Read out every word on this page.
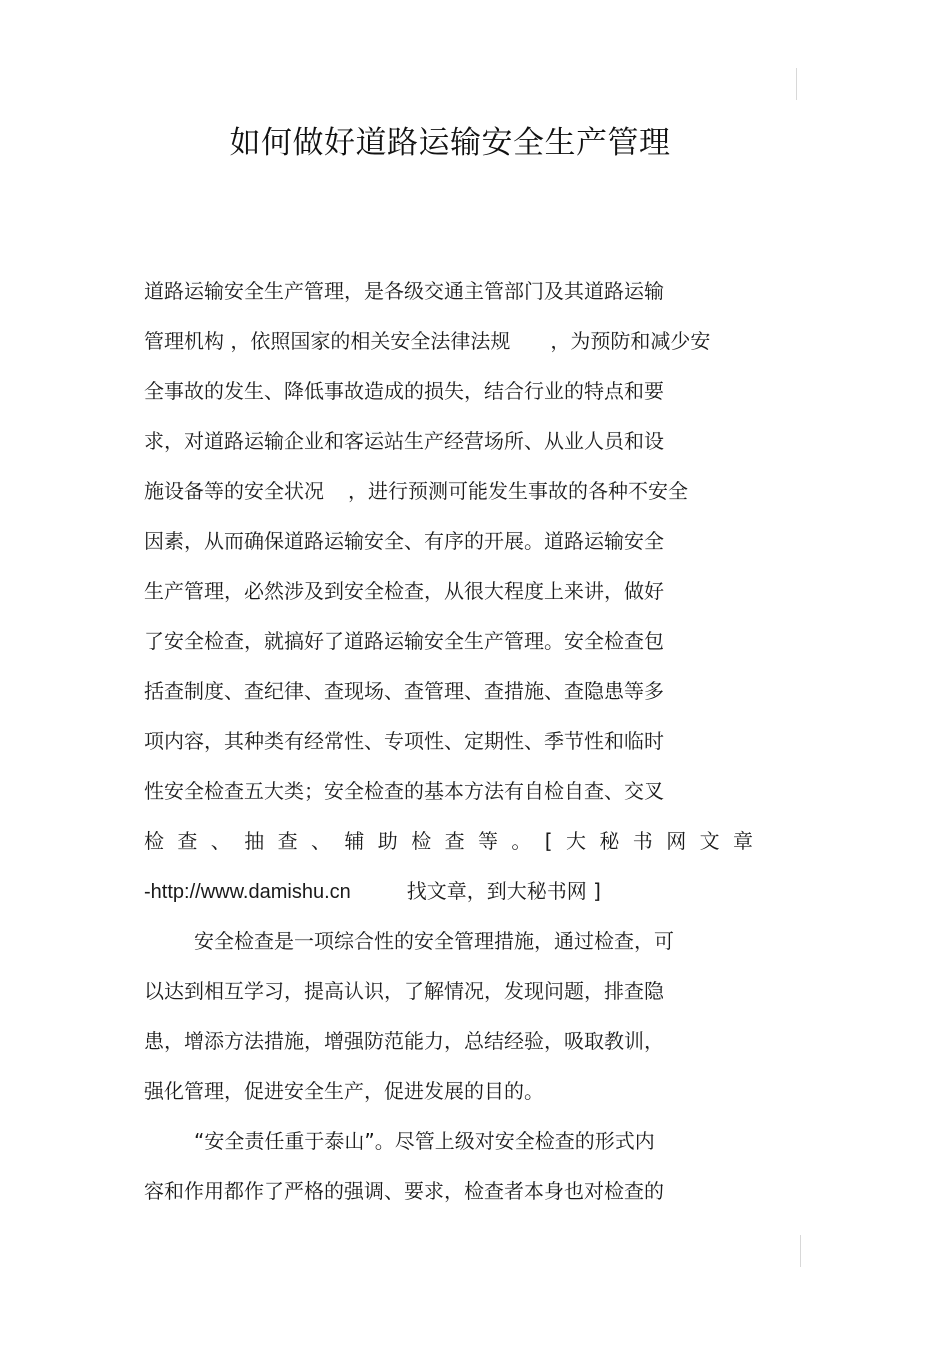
如何做好道路运输安全生产管理
道路运输安全生产管理，是各级交通主管部门及其道路运输
管理机构 ，依照国家的相关安全法律法规 ，为预防和减少安
全事故的发生、降低事故造成的损失，结合行业的特点和要
求，对道路运输企业和客运站生产经营场所、从业人员和设
施设备等的安全状况 ，进行预测可能发生事故的各种不安全
因素，从而确保道路运输安全、有序的开展。道路运输安全
生产管理，必然涉及到安全检查，从很大程度上来讲，做好
了安全检查，就搞好了道路运输安全生产管理。安全检查包
括查制度、查纪律、查现场、查管理、查措施、查隐患等多
项内容，其种类有经常性、专项性、定期性、季节性和临时
性安全检查五大类；安全检查的基本方法有自检自查、交叉
检查、抽查、辅助检查等。[大秘书网文章
-http://www.damishu.cn	找文章，到大秘书网 ]
安全检查是一项综合性的安全管理措施，通过检查，可
以达到相互学习，提高认识，了解情况，发现问题，排查隐
患，增添方法措施，增强防范能力，总结经验，吸取教训，
强化管理，促进安全生产，促进发展的目的。
“安全责任重于泰山”。尽管上级对安全检查的形式内
容和作用都作了严格的强调、要求，检查者本身也对检查的
